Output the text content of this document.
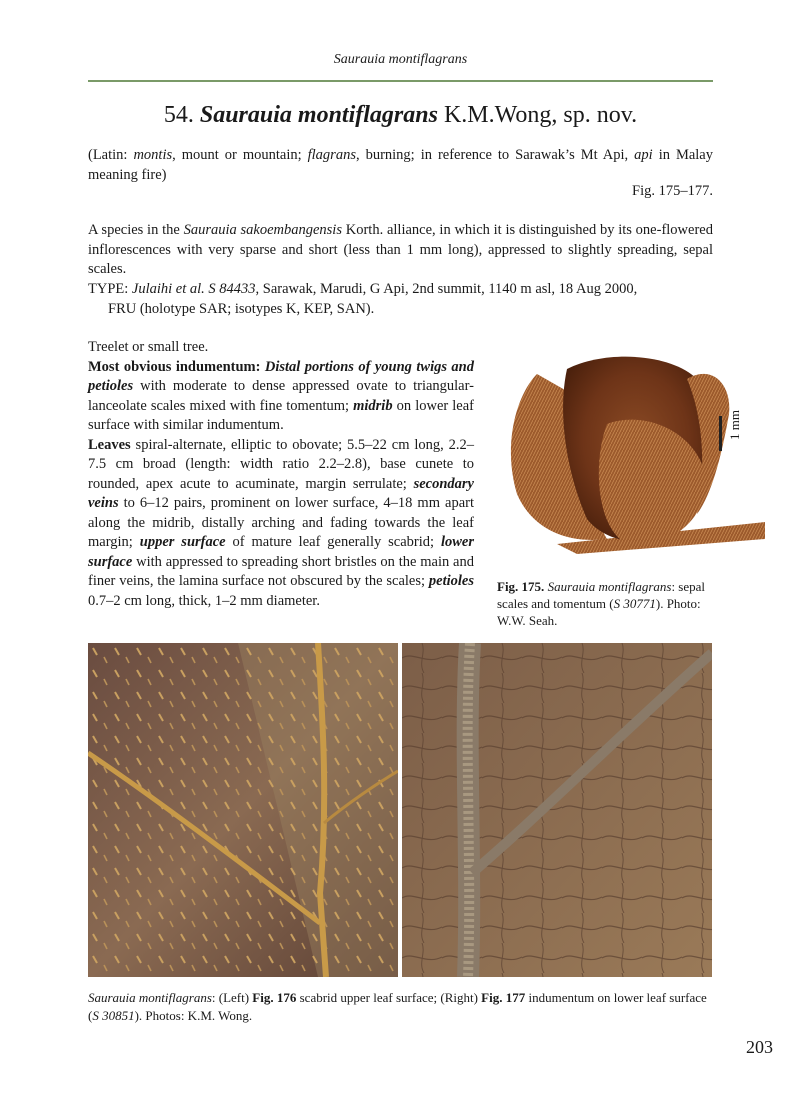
Saurauia montiflagrans
54. Saurauia montiflagrans K.M.Wong, sp. nov.
(Latin: montis, mount or mountain; flagrans, burning; in reference to Sarawak’s Mt Api, api in Malay meaning fire)
Fig. 175–177.
A species in the Saurauia sakoembangensis Korth. alliance, in which it is distinguished by its one-flowered inflorescences with very sparse and short (less than 1 mm long), appressed to slightly spreading, sepal scales.
TYPE: Julaihi et al. S 84433, Sarawak, Marudi, G Api, 2nd summit, 1140 m asl, 18 Aug 2000,
FRU (holotype SAR; isotypes K, KEP, SAN).
Treelet or small tree.
Most obvious indumentum: Distal portions of young twigs and petioles with moderate to dense appressed ovate to triangular-lanceolate scales mixed with fine tomentum; midrib on lower leaf surface with similar indumentum.
Leaves spiral-alternate, elliptic to obovate; 5.5–22 cm long, 2.2–7.5 cm broad (length: width ratio 2.2–2.8), base cunete to rounded, apex acute to acuminate, margin serrulate; secondary veins to 6–12 pairs, prominent on lower surface, 4–18 mm apart along the midrib, distally arching and fading towards the leaf margin; upper surface of mature leaf generally scabrid; lower surface with appressed to spreading short bristles on the main and finer veins, the lamina surface not obscured by the scales; petioles 0.7–2 cm long, thick, 1–2 mm diameter.
1 mm
Fig. 175. Saurauia montiflagrans: sepal scales and tomentum (S 30771). Photo: W.W. Seah.
Saurauia montiflagrans: (Left) Fig. 176 scabrid upper leaf surface; (Right) Fig. 177 indumentum on lower leaf surface (S 30851). Photos: K.M. Wong.
203
